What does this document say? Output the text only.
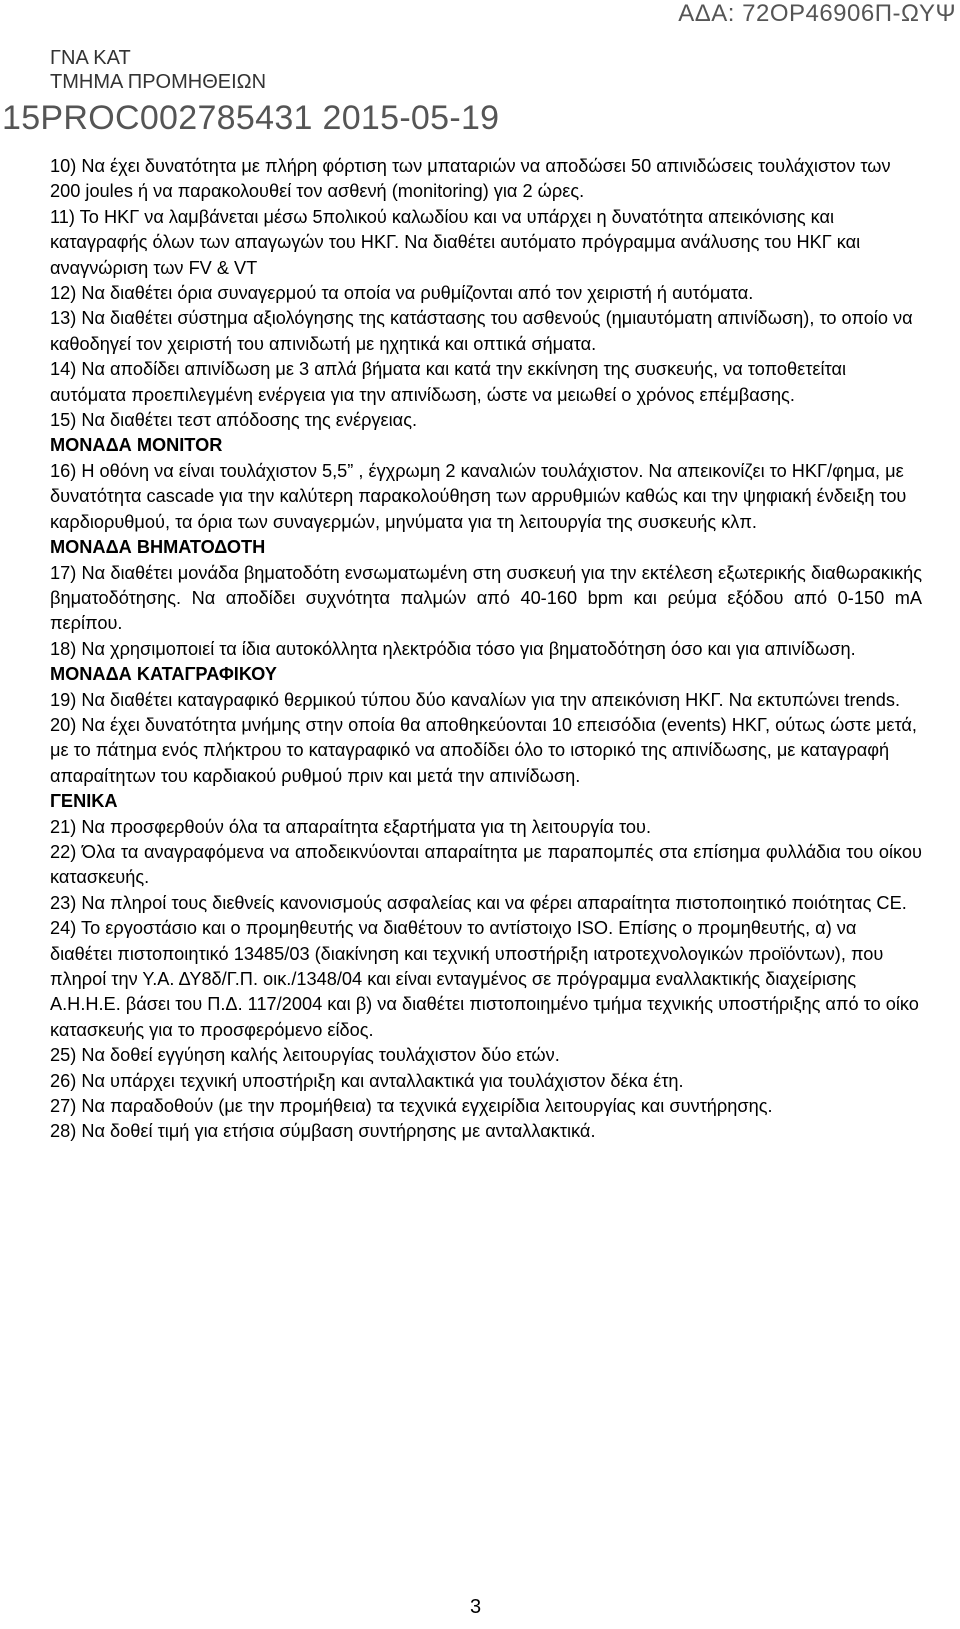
ΑΔΑ: 72ΟΡ46906Π-ΩΥΨ
ΓΝΑ ΚΑΤ
ΤΜΗΜΑ ΠΡΟΜΗΘΕΙΩΝ
15PROC002785431 2015-05-19

10) Να έχει δυνατότητα με πλήρη φόρτιση των μπαταριών να αποδώσει 50 απινιδώσεις τουλάχιστον των 200 joules ή να παρακολουθεί τον ασθενή (monitoring) για 2 ώρες.

11) Το ΗΚΓ να λαμβάνεται μέσω 5πολικού καλωδίου και να υπάρχει η δυνατότητα απεικόνισης και καταγραφής όλων των απαγωγών του ΗΚΓ. Να διαθέτει αυτόματο πρόγραμμα ανάλυσης του ΗΚΓ και αναγνώριση των FV & VT

12) Να διαθέτει όρια συναγερμού τα οποία να ρυθμίζονται από τον χειριστή ή αυτόματα.

13) Να διαθέτει σύστημα αξιολόγησης της κατάστασης του ασθενούς (ημιαυτόματη απινίδωση), το οποίο να καθοδηγεί τον χειριστή του απινιδωτή με ηχητικά και οπτικά σήματα.

14) Να αποδίδει απινίδωση με 3 απλά βήματα και κατά την εκκίνηση της συσκευής, να τοποθετείται αυτόματα προεπιλεγμένη ενέργεια για την απινίδωση, ώστε να μειωθεί ο χρόνος επέμβασης.

15) Να διαθέτει τεστ απόδοσης της ενέργειας.

ΜΟΝΑΔΑ MONITOR

16) Η οθόνη να είναι τουλάχιστον 5,5” , έγχρωμη 2 καναλιών τουλάχιστον. Να απεικονίζει το ΗΚΓ/φημα, με δυνατότητα cascade για την καλύτερη παρακολούθηση των αρρυθμιών καθώς και την ψηφιακή ένδειξη του καρδιορυθμού, τα όρια των συναγερμών, μηνύματα για τη λειτουργία της συσκευής κλπ.

ΜΟΝΑΔΑ ΒΗΜΑΤΟΔΟΤΗ

17) Να διαθέτει μονάδα βηματοδότη ενσωματωμένη στη συσκευή για την εκτέλεση εξωτερικής διαθωρακικής βηματοδότησης. Να αποδίδει συχνότητα παλμών από 40-160 bpm και ρεύμα εξόδου από 0-150 mA περίπου.

18) Να χρησιμοποιεί τα ίδια αυτοκόλλητα ηλεκτρόδια τόσο για βηματοδότηση όσο και για απινίδωση.

ΜΟΝΑΔΑ ΚΑΤΑΓΡΑΦΙΚΟΥ

19) Να διαθέτει καταγραφικό θερμικού τύπου δύο καναλίων για την απεικόνιση ΗΚΓ. Να εκτυπώνει trends.

20) Να έχει δυνατότητα μνήμης στην οποία θα αποθηκεύονται 10 επεισόδια (events) ΗΚΓ, ούτως ώστε μετά, με το πάτημα ενός πλήκτρου το καταγραφικό να αποδίδει όλο το ιστορικό της απινίδωσης, με καταγραφή απαραίτητων του καρδιακού ρυθμού πριν και μετά την απινίδωση.

ΓΕΝΙΚΑ

21) Να προσφερθούν όλα τα απαραίτητα εξαρτήματα για τη λειτουργία του.

22) Όλα τα αναγραφόμενα να αποδεικνύονται απαραίτητα με παραπομπές στα επίσημα φυλλάδια του οίκου κατασκευής.

23) Να πληροί τους διεθνείς κανονισμούς ασφαλείας και να φέρει απαραίτητα πιστοποιητικό ποιότητας CE.

24) Το εργοστάσιο και ο προμηθευτής να διαθέτουν το αντίστοιχο ISO. Επίσης ο προμηθευτής, α) να διαθέτει πιστοποιητικό 13485/03 (διακίνηση και τεχνική υποστήριξη ιατροτεχνολογικών προϊόντων), που πληροί την Υ.Α. ΔΥ8δ/Γ.Π. οικ./1348/04 και είναι ενταγμένος σε πρόγραμμα εναλλακτικής διαχείρισης Α.Η.Η.Ε. βάσει του Π.Δ. 117/2004 και β) να διαθέτει πιστοποιημένο τμήμα τεχνικής υποστήριξης από το οίκο κατασκευής για το προσφερόμενο είδος.

25) Να δοθεί εγγύηση καλής λειτουργίας τουλάχιστον δύο ετών.

26) Να υπάρχει τεχνική υποστήριξη και ανταλλακτικά για τουλάχιστον δέκα έτη.

27) Να παραδοθούν (με την προμήθεια) τα τεχνικά εγχειρίδια λειτουργίας και συντήρησης.

28) Να δοθεί τιμή για ετήσια σύμβαση συντήρησης με ανταλλακτικά.

3
